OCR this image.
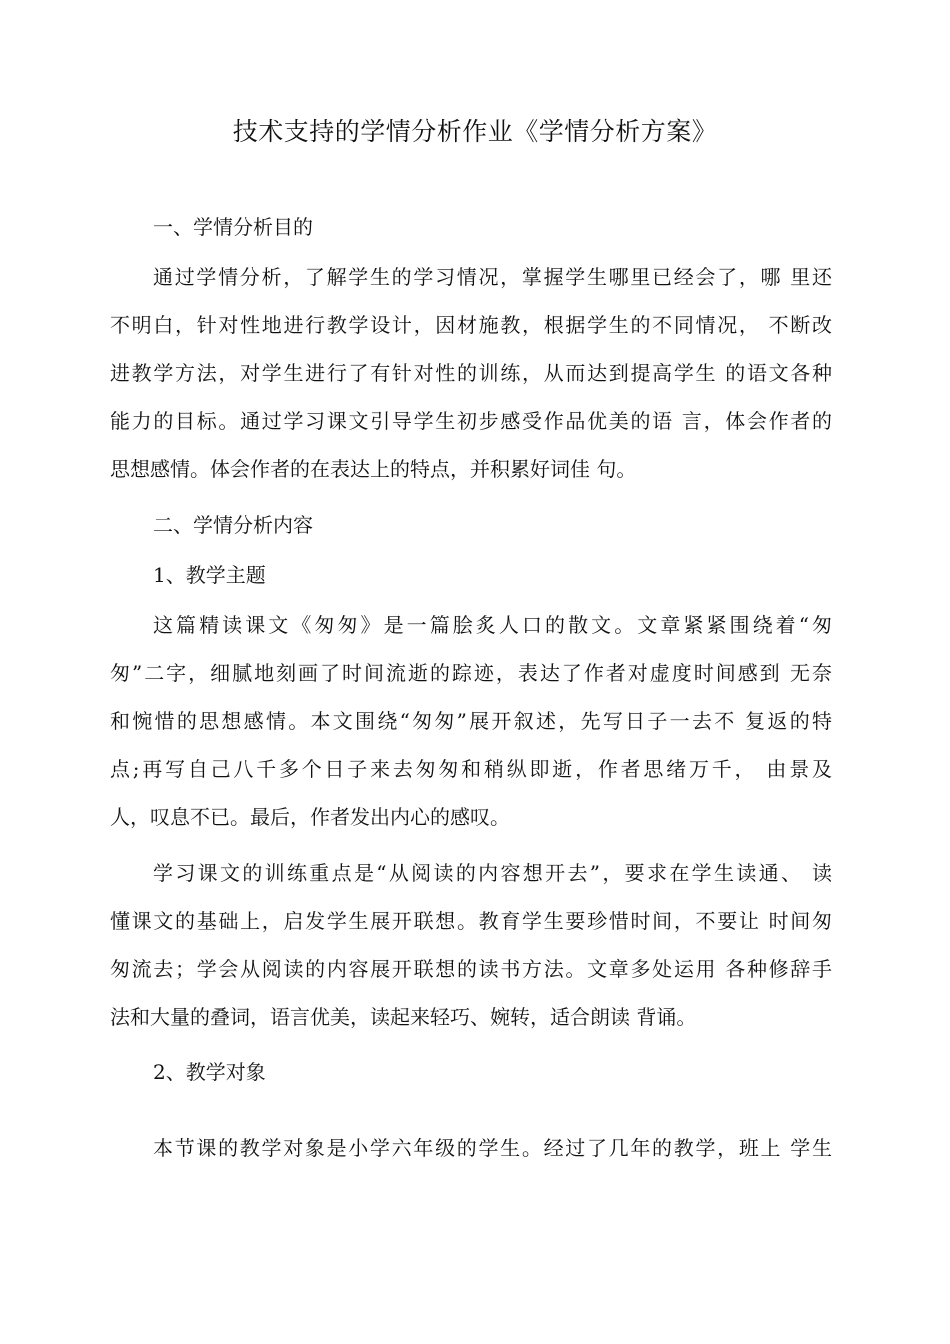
技术支持的学情分析作业《学情分析方案》
一、学情分析目的
通过学情分析，了解学生的学习情况，掌握学生哪里已经会了，哪 里还
不明白，针对性地进行教学设计，因材施教，根据学生的不同情况， 不断改
进教学方法，对学生进行了有针对性的训练，从而达到提高学生 的语文各种
能力的目标。通过学习课文引导学生初步感受作品优美的语 言，体会作者的
思想感情。体会作者的在表达上的特点，并积累好词佳 句。
二、学情分析内容
1、教学主题
这篇精读课文《匆匆》是一篇脍炙人口的散文。文章紧紧围绕着“匆
匆”二字，细腻地刻画了时间流逝的踪迹，表达了作者对虚度时间感到 无奈
和惋惜的思想感情。本文围绕“匆匆”展开叙述，先写日子一去不 复返的特
点;再写自己八千多个日子来去匆匆和稍纵即逝，作者思绪万千， 由景及
人，叹息不已。最后，作者发出内心的感叹。
学习课文的训练重点是“从阅读的内容想开去”，要求在学生读通、 读
懂课文的基础上，启发学生展开联想。教育学生要珍惜时间，不要让 时间匆
匆流去；学会从阅读的内容展开联想的读书方法。文章多处运用 各种修辞手
法和大量的叠词，语言优美，读起来轻巧、婉转，适合朗读 背诵。
2、教学对象
本节课的教学对象是小学六年级的学生。经过了几年的教学，班上 学生
